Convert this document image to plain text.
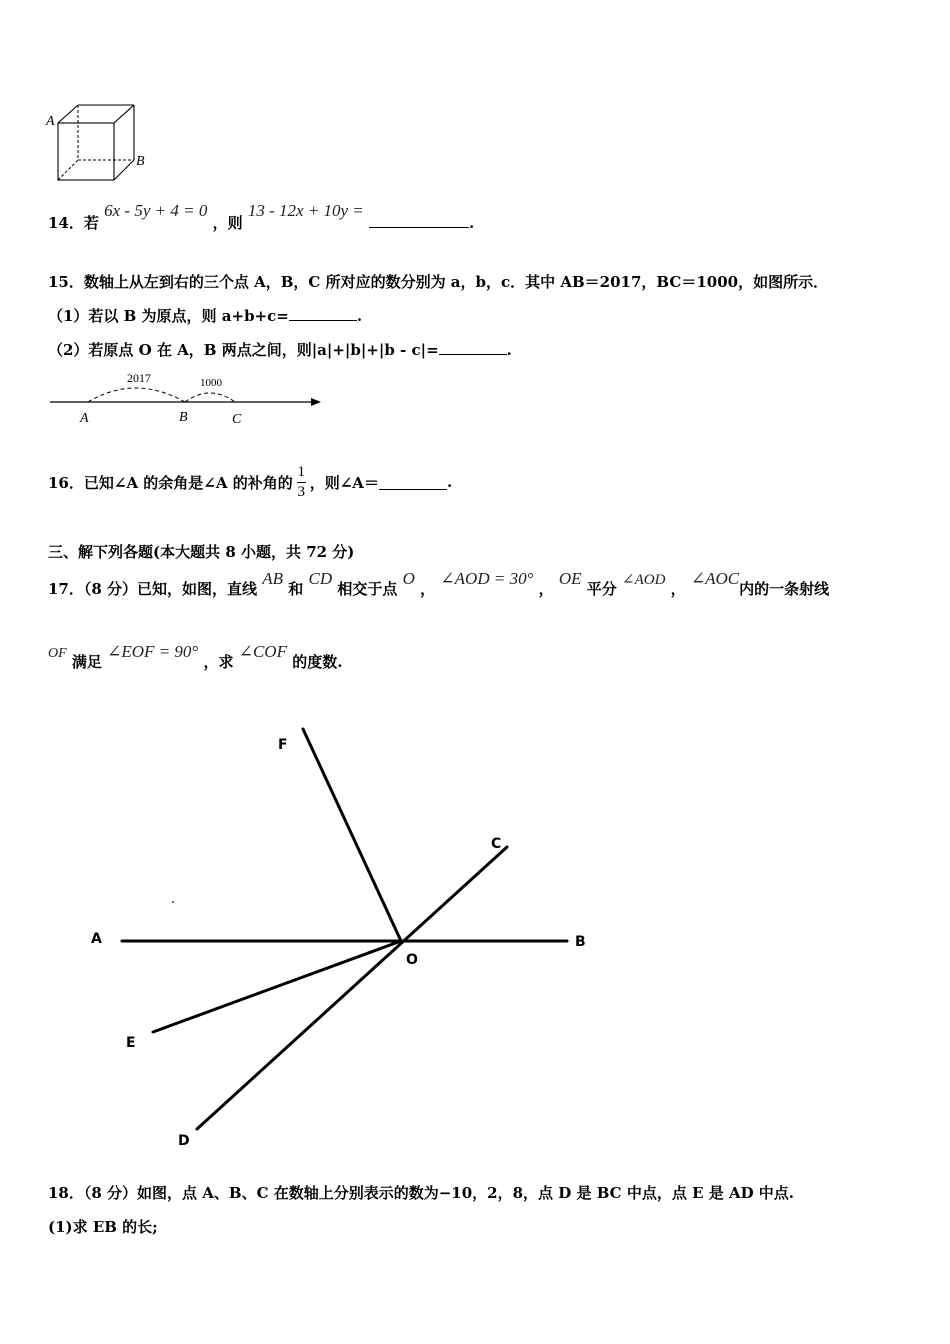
A
B
14．若 6x - 5y + 4 = 0 ，则 13 - 12x + 10y = .
15．数轴上从左到右的三个点 A，B，C 所对应的数分别为 a，b，c．其中 AB＝2017，BC＝1000，如图所示．
（1）若以 B 为原点，则 a+b+c=	.
（2）若原点 O 在 A，B 两点之间，则|a|+|b|+|b - c|=	.
2017	1000
A	B	C
16．已知∠A 的余角是∠A 的补角的 $\frac{1}{3}$ ，则∠A＝	.
三、解下列各题(本大题共 8 小题，共 72 分)
17．（8 分）已知，如图，直线 AB 和 CD 相交于点 O ， ∠AOD = 30° ， OE 平分 ∠AOD ， ∠AOC内的一条射线
OF 满足 ∠EOF = 90° ，求 ∠COF 的度数.
F
C
A	B
O
E
D
18．（8 分）如图，点 A、B、C 在数轴上分别表示的数为−10，2，8，点 D 是 BC 中点，点 E 是 AD 中点.
(1)求 EB 的长;
